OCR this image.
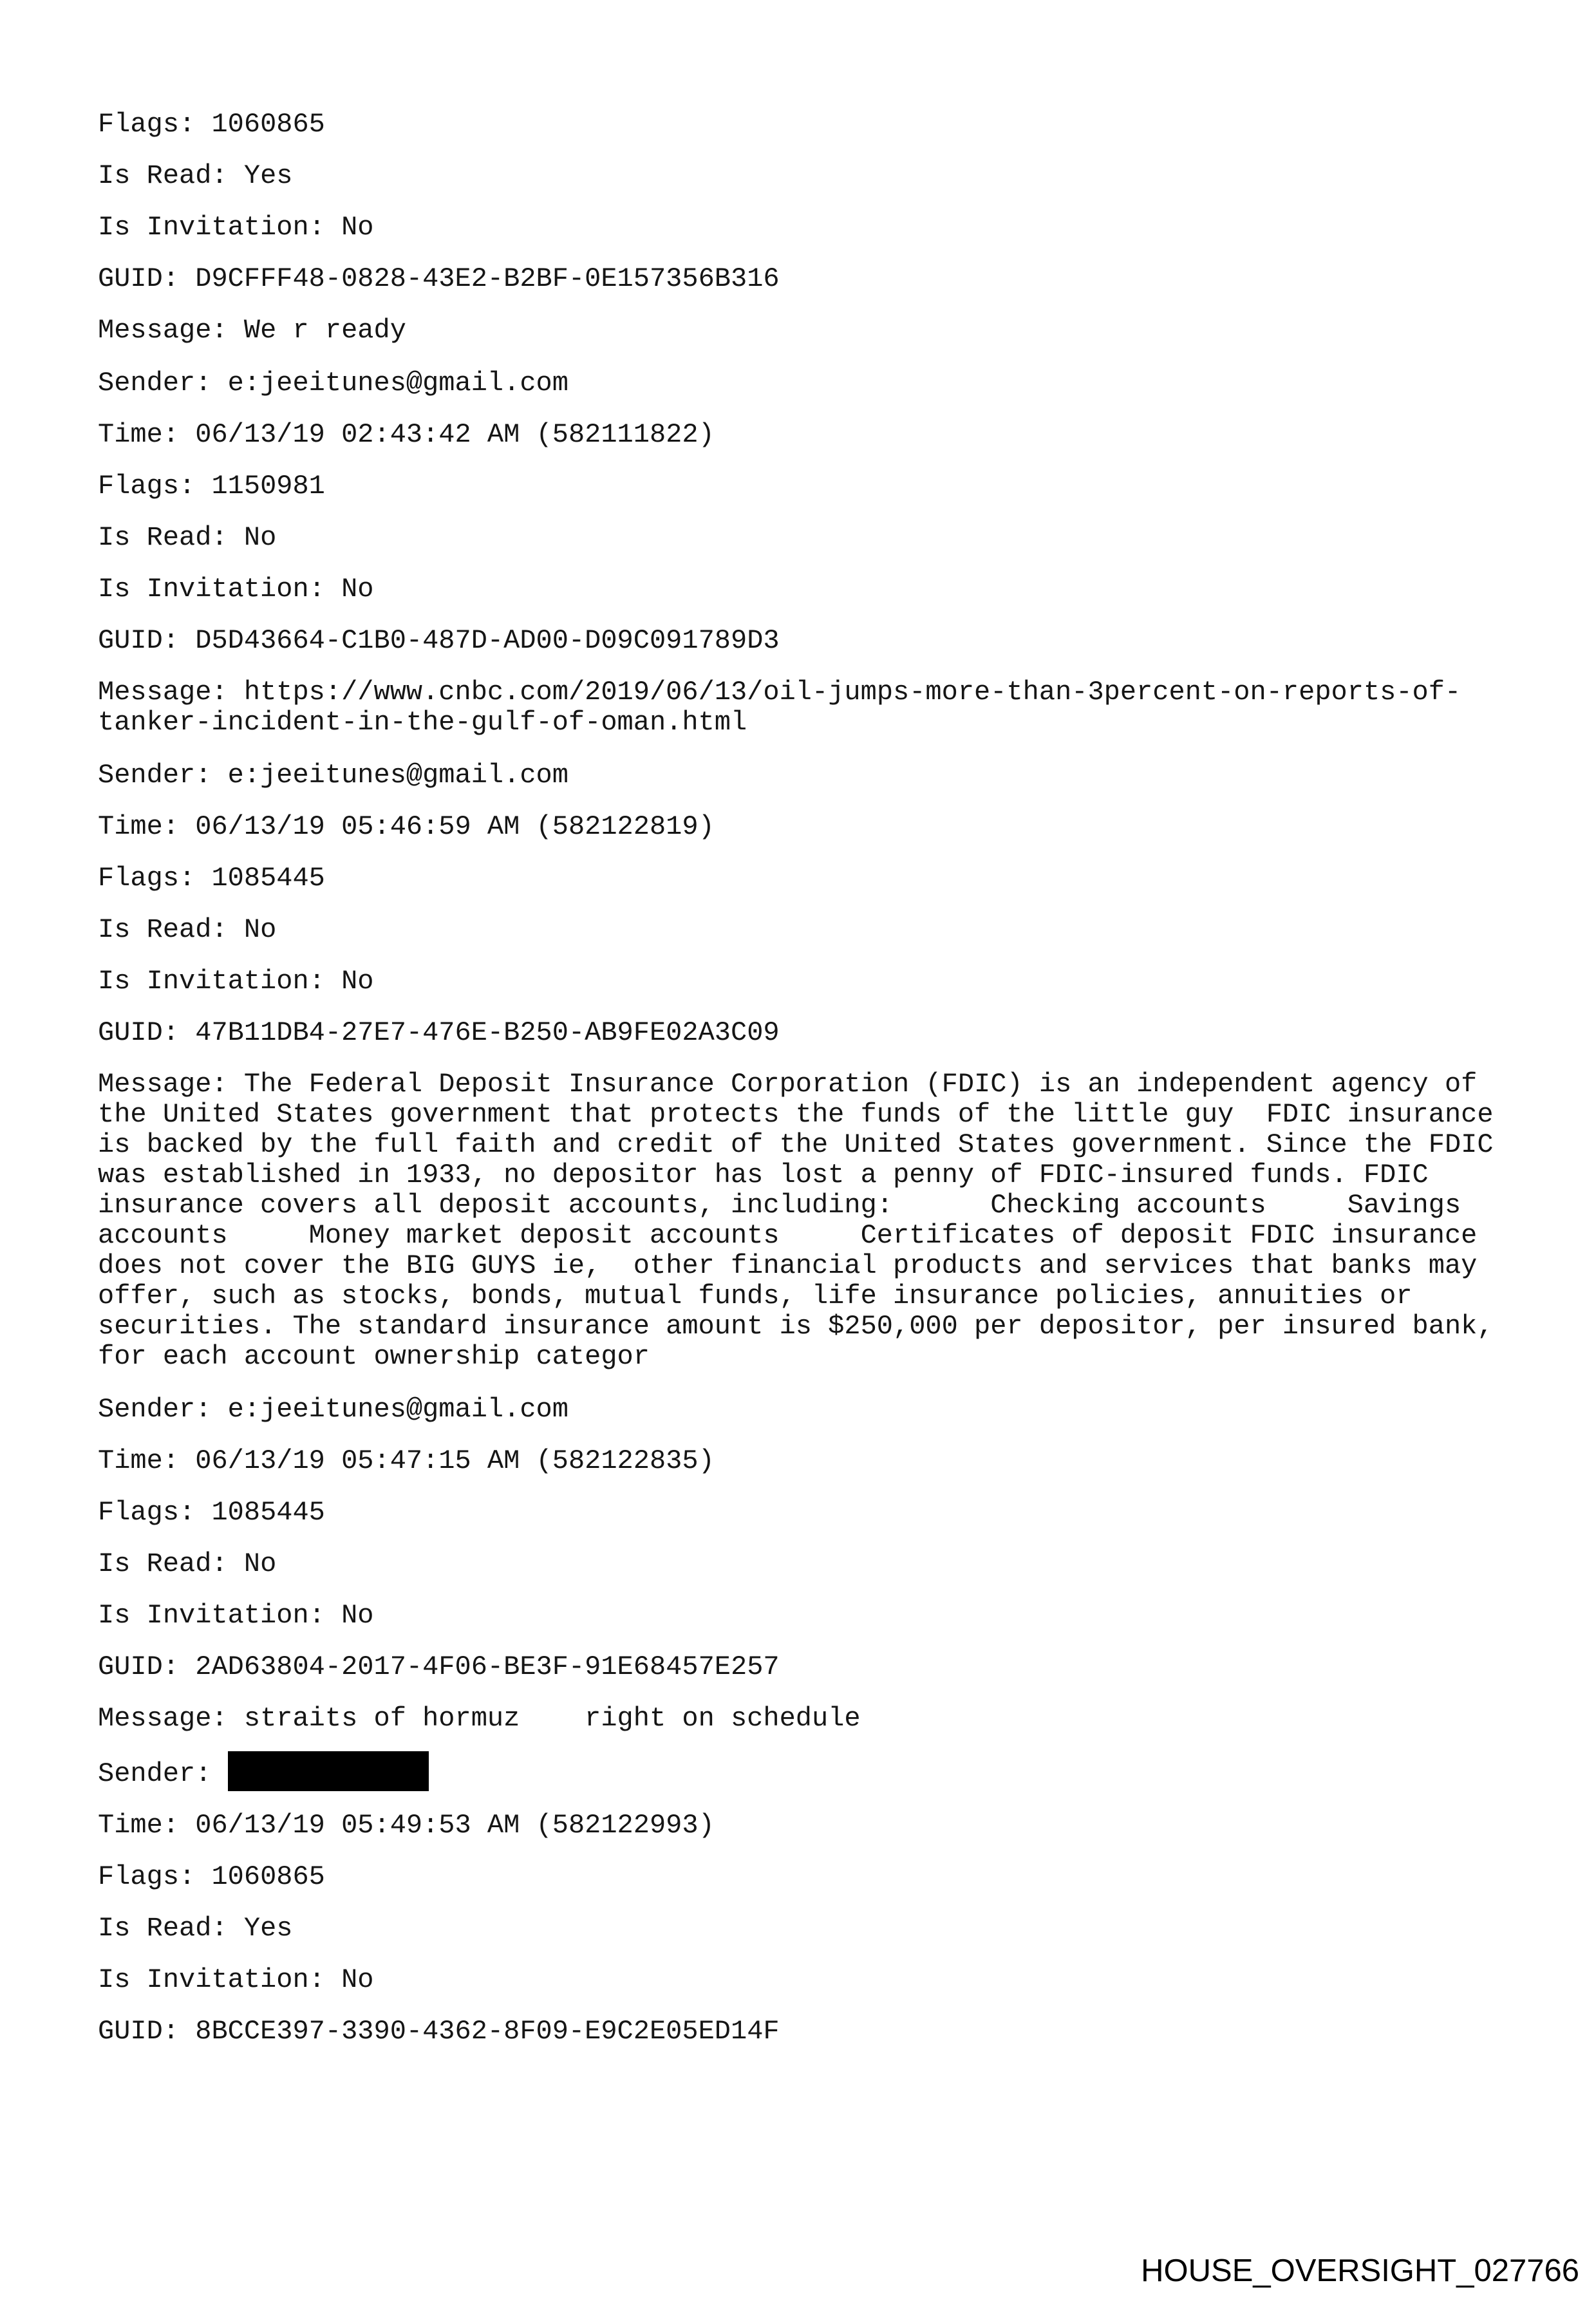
Flags: 1060865
Is Read: Yes
Is Invitation: No
GUID: D9CFFF48-0828-43E2-B2BF-0E157356B316
Message: We r ready
Sender: e:jeeitunes@gmail.com
Time: 06/13/19 02:43:42 AM (582111822)
Flags: 1150981
Is Read: No
Is Invitation: No
GUID: D5D43664-C1B0-487D-AD00-D09C091789D3
Message: https://www.cnbc.com/2019/06/13/oil-jumps-more-than-3percent-on-reports-of-tanker-incident-in-the-gulf-of-oman.html
Sender: e:jeeitunes@gmail.com
Time: 06/13/19 05:46:59 AM (582122819)
Flags: 1085445
Is Read: No
Is Invitation: No
GUID: 47B11DB4-27E7-476E-B250-AB9FE02A3C09
Message: The Federal Deposit Insurance Corporation (FDIC) is an independent agency of the United States government that protects the funds of the little guy  FDIC insurance is backed by the full faith and credit of the United States government. Since the FDIC was established in 1933, no depositor has lost a penny of FDIC-insured funds. FDIC insurance covers all deposit accounts, including:      Checking accounts     Savings accounts     Money market deposit accounts     Certificates of deposit FDIC insurance does not cover the BIG GUYS ie,  other financial products and services that banks may offer, such as stocks, bonds, mutual funds, life insurance policies, annuities or securities. The standard insurance amount is $250,000 per depositor, per insured bank, for each account ownership categor
Sender: e:jeeitunes@gmail.com
Time: 06/13/19 05:47:15 AM (582122835)
Flags: 1085445
Is Read: No
Is Invitation: No
GUID: 2AD63804-2017-4F06-BE3F-91E68457E257
Message: straits of hormuz    right on schedule
Sender:
Time: 06/13/19 05:49:53 AM (582122993)
Flags: 1060865
Is Read: Yes
Is Invitation: No
GUID: 8BCCE397-3390-4362-8F09-E9C2E05ED14F
HOUSE_OVERSIGHT_027766
